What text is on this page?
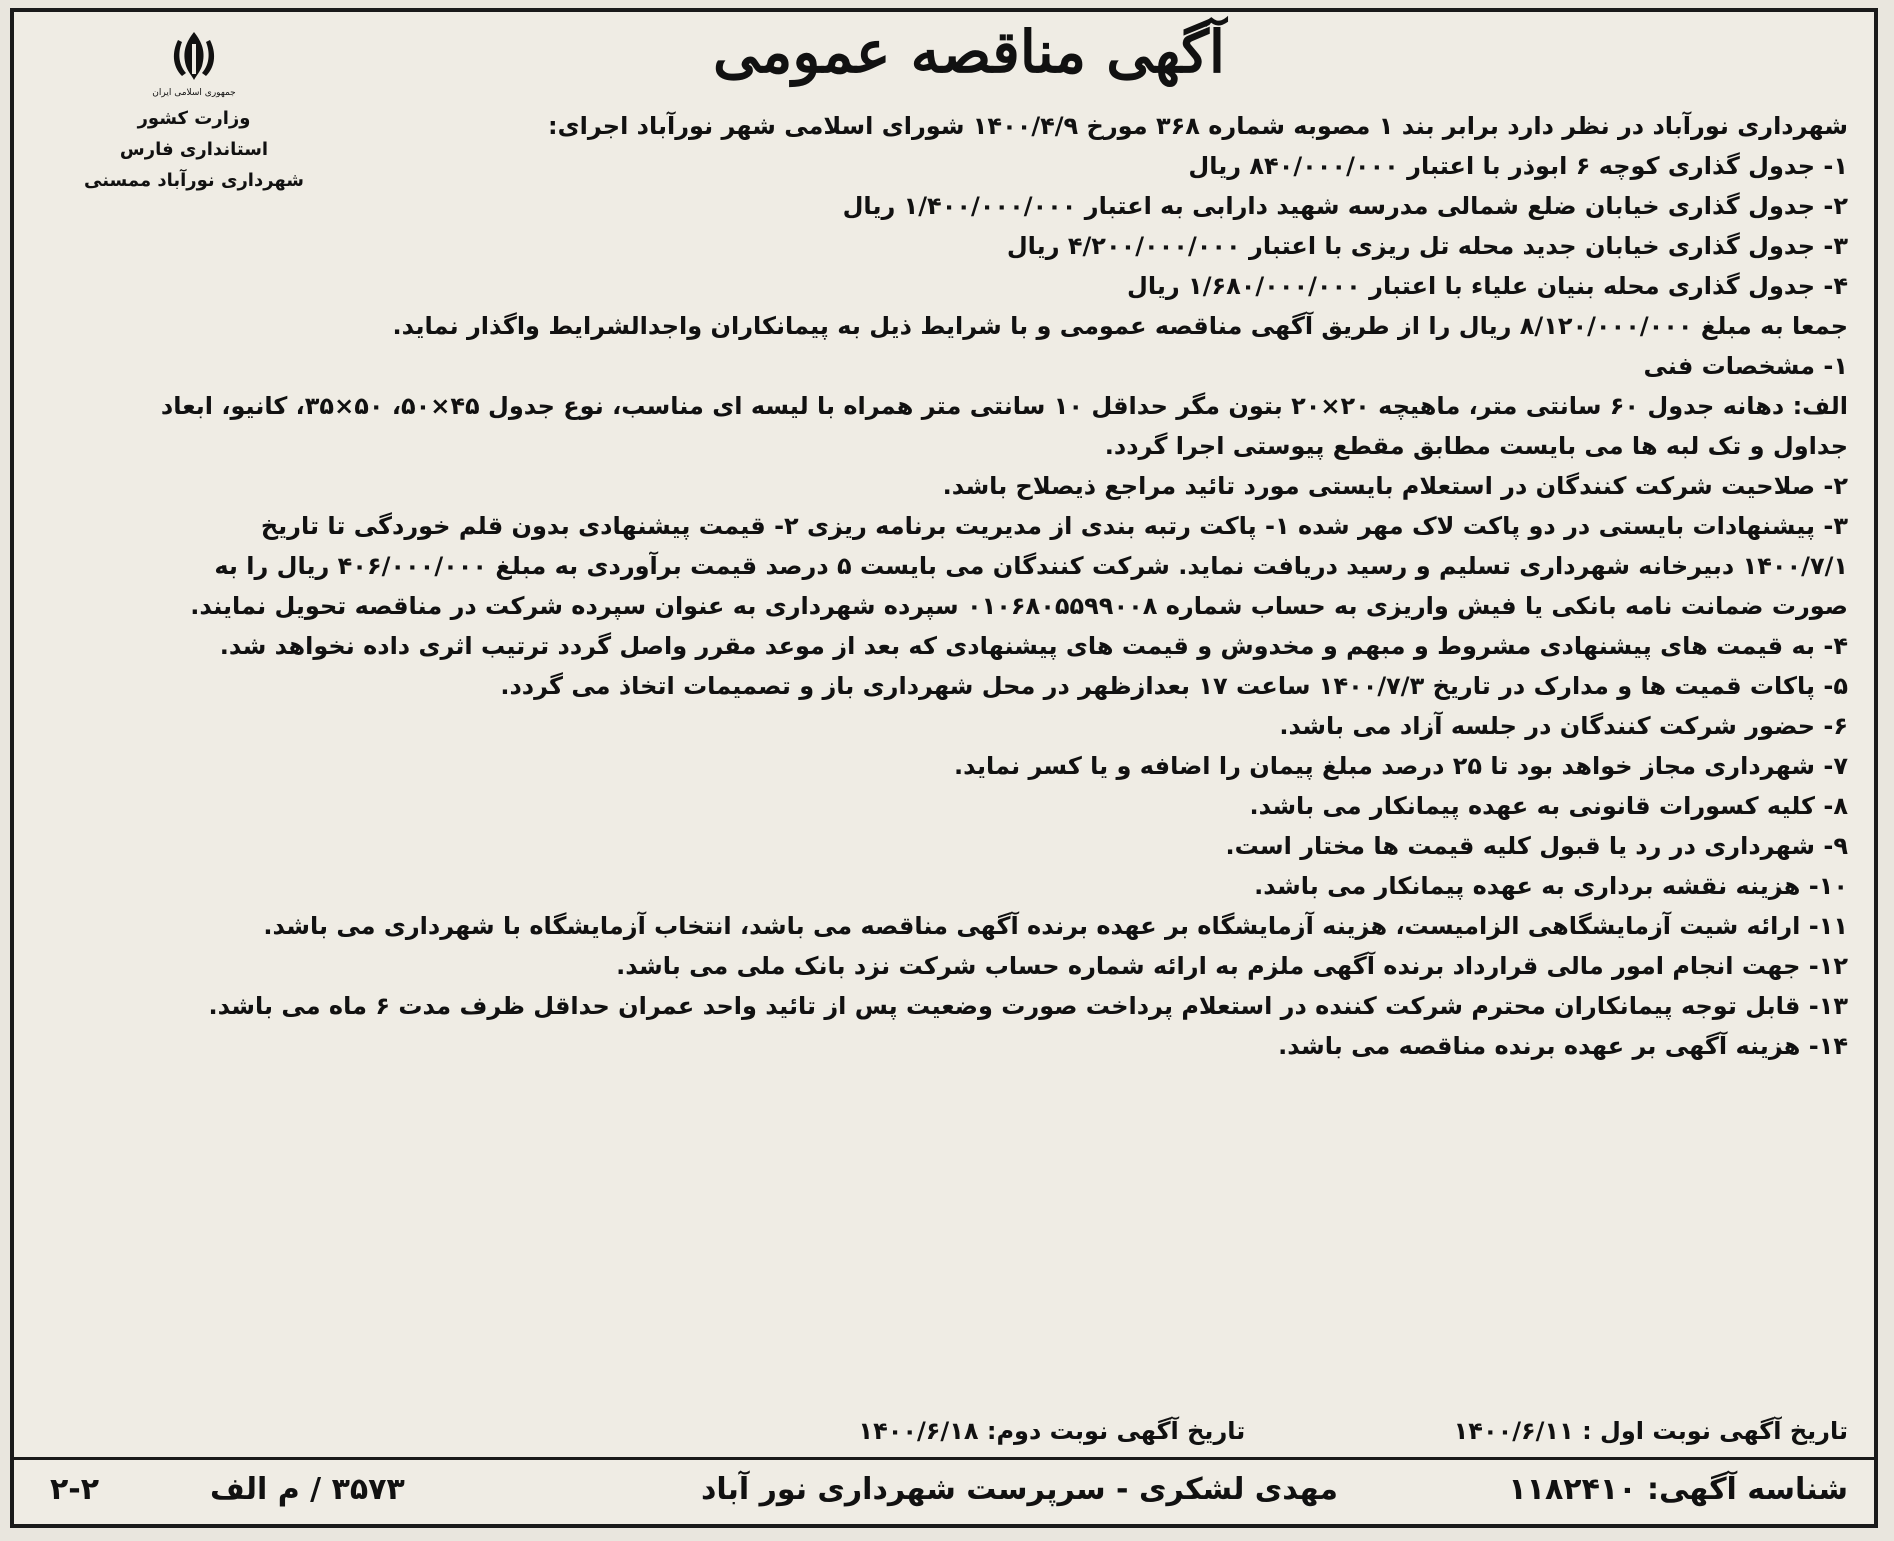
جمهوری اسلامی ایران
وزارت کشور
استانداری فارس
شهرداری نورآباد ممسنی
آگهی مناقصه عمومی
شهرداری نورآباد در نظر دارد برابر بند ۱ مصوبه شماره ۳۶۸ مورخ ۱۴۰۰/۴/۹ شورای اسلامی شهر نورآباد اجرای:
۱- جدول گذاری کوچه ۶ ابوذر با اعتبار ۸۴۰/۰۰۰/۰۰۰ ریال
۲- جدول گذاری خیابان ضلع شمالی مدرسه شهید دارابی به اعتبار ۱/۴۰۰/۰۰۰/۰۰۰ ریال
۳- جدول گذاری خیابان جدید محله تل ریزی با اعتبار ۴/۲۰۰/۰۰۰/۰۰۰ ریال
۴- جدول گذاری محله بنیان علیاء با اعتبار ۱/۶۸۰/۰۰۰/۰۰۰ ریال
جمعا به مبلغ ۸/۱۲۰/۰۰۰/۰۰۰ ریال را از طریق آگهی مناقصه عمومی و با شرایط ذیل به پیمانکاران واجدالشرایط واگذار نماید.
۱- مشخصات فنی
الف: دهانه جدول ۶۰ سانتی متر، ماهیچه ۲۰×۲۰ بتون مگر حداقل ۱۰ سانتی متر همراه با لیسه ای مناسب، نوع جدول ۴۵×۵۰، ۵۰×۳۵، کانیو، ابعاد
جداول و تک لبه ها می بایست مطابق مقطع پیوستی اجرا گردد.
۲- صلاحیت شرکت کنندگان در استعلام بایستی مورد تائید مراجع ذیصلاح باشد.
۳- پیشنهادات بایستی در دو پاکت لاک مهر شده ۱- پاکت رتبه بندی از مدیریت برنامه ریزی ۲- قیمت پیشنهادی بدون قلم خوردگی تا تاریخ
۱۴۰۰/۷/۱ دبیرخانه شهرداری تسلیم و رسید دریافت نماید. شرکت کنندگان می بایست ۵ درصد قیمت برآوردی به مبلغ ۴۰۶/۰۰۰/۰۰۰ ریال را به
صورت ضمانت نامه بانکی یا فیش واریزی به حساب شماره ۰۱۰۶۸۰۵۵۹۹۰۰۸ سپرده شهرداری به عنوان سپرده شرکت در مناقصه تحویل نمایند.
۴- به قیمت های پیشنهادی مشروط و مبهم و مخدوش و قیمت های پیشنهادی که بعد از موعد مقرر واصل گردد ترتیب اثری داده نخواهد شد.
۵- پاکات قمیت ها و مدارک در تاریخ ۱۴۰۰/۷/۳ ساعت ۱۷ بعدازظهر در محل شهرداری باز و تصمیمات اتخاذ می گردد.
۶- حضور شرکت کنندگان در جلسه آزاد می باشد.
۷- شهرداری مجاز خواهد بود تا ۲۵ درصد مبلغ پیمان را اضافه و یا کسر نماید.
۸- کلیه کسورات قانونی به عهده پیمانکار می باشد.
۹- شهرداری در رد یا قبول کلیه قیمت ها مختار است.
۱۰- هزینه نقشه برداری به عهده پیمانکار می باشد.
۱۱- ارائه شیت آزمایشگاهی الزامیست، هزینه آزمایشگاه بر عهده برنده آگهی مناقصه می باشد، انتخاب آزمایشگاه با شهرداری می باشد.
۱۲- جهت انجام امور مالی قرارداد برنده آگهی ملزم به ارائه شماره حساب شرکت نزد بانک ملی می باشد.
۱۳- قابل توجه پیمانکاران محترم شرکت کننده در استعلام پرداخت صورت وضعیت پس از تائید واحد عمران حداقل ظرف مدت ۶ ماه می باشد.
۱۴- هزینه آگهی بر عهده برنده مناقصه می باشد.
تاریخ آگهی نوبت اول : ۱۴۰۰/۶/۱۱ تاریخ آگهی نوبت دوم: ۱۴۰۰/۶/۱۸
شناسه آگهی: ۱۱۸۲۴۱۰
مهدی لشکری - سرپرست شهرداری نور آباد
۳۵۷۳ / م الف
۲-۲
